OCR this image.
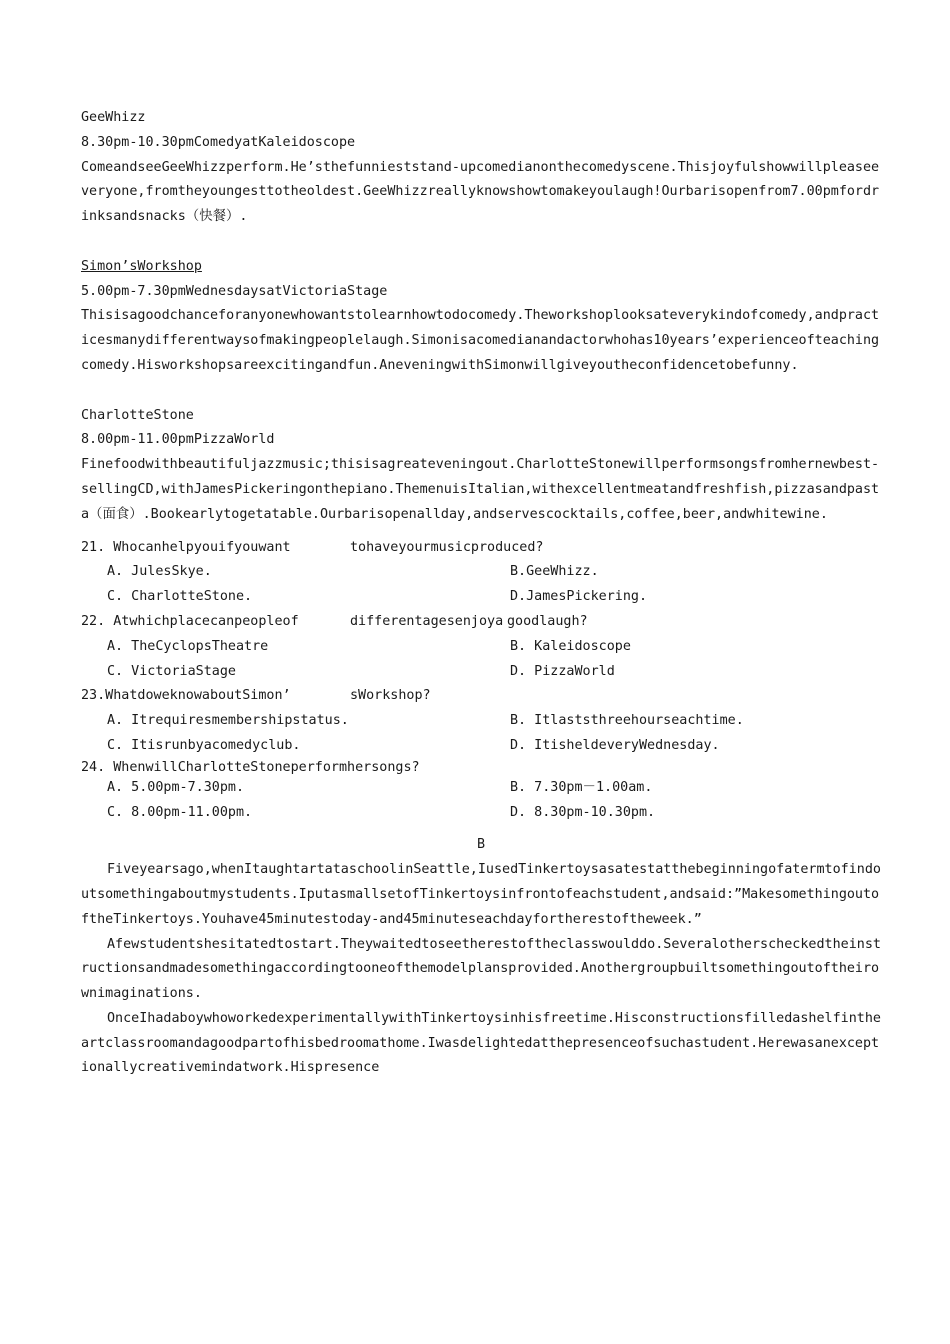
GeeWhizz
8.30pm-10.30pmComedyatKaleidoscope
ComeandseeGeeWhizzperform.He’sthefunnieststand-upcomedianonthecomedyscene.Thisjoyfulshowwillpleaseeveryone,fromtheyoungesttotheoldest.GeeWhizzreallyknowshowtomakeyoulaugh!Ourbarisopenfrom7.00pmfordrinksandsnacks（快餐）.
Simon’sWorkshop
5.00pm-7.30pmWednesdaysatVictoriaStage
Thisisagoodchanceforanyonewhowantstolearnhowtodocomedy.Theworkshoplooksateverykindofcomedy,andpracticesmanydifferentwaysofmakingpeoplelaugh.Simonisacomedianandactorwhohas10years’experienceofteachingcomedy.Hisworkshopsareexcitingandfun.AneveningwithSimonwillgiveyoutheconfidencetobefunny.
CharlotteStone
8.00pm-11.00pmPizzaWorld
Finefoodwithbeautifuljazzmusic;thisisagreateveningout.CharlotteStonewillperformsongsfromhernewbest-sellingCD,withJamesPickeringonthepiano.ThemenuisItalian,withexcellentmeatandfreshfish,pizzasandpasta（面食）.Bookearlytogetatable.Ourbarisopenallday,andservescocktails,coffee,beer,andwhitewine.
21. Whocanhelpyouifyouwant	tohaveyourmusicproduced?
A. JulesSkye.	B.GeeWhizz.
C. CharlotteStone.	D.JamesPickering.
22. Atwhichplacecanpeopleof	differentagesenjoya goodlaugh?
A. TheCyclopsTheatre	B. Kaleidoscope
C. VictoriaStage	D. PizzaWorld
23.WhatdoweknowaboutSimon’	sWorkshop?
A. Itrequiresmembershipstatus.	B. Itlaststhreehourseachtime.
C. Itisrunbyacomedyclub.	D. ItisheldeveryWednesday.
24. WhenwillCharlotteStoneperformhersongs?
A. 5.00pm-7.30pm.	B. 7.30pm－1.00am.
C. 8.00pm-11.00pm.	D. 8.30pm-10.30pm.
B
Fiveyearsago,whenItaughtartataschoolinSeattle,IusedTinkertoysasatestatthebeginningofatermtofindoutsomethingaboutmystudents.IputasmallsetofTinkertoysinfrontofeachstudent,andsaid:”MakesomethingoutoftheTinkertoys.Youhave45minutestoday-and45minuteseachdayfortherestoftheweek.”
Afewstudentshesitatedtostart.Theywaitedtoseetherestoftheclasswoulddo.Severalotherscheckedtheinstructionsandmadesomethingaccordingtooneofthemodelplansprovided.Anothergroupbuiltsomethingoutoftheirownimaginations.
OnceIhadaboywhoworkedexperimentallywithTinkertoysinhisfreetime.Hisconstructionsfilledashelfintheartclassroomandagoodpartofhisbedroomathome.Iwasdelightedatthepresenceofsuchastudent.Herewasanexceptionallycreativemindatwork.Hispresence
